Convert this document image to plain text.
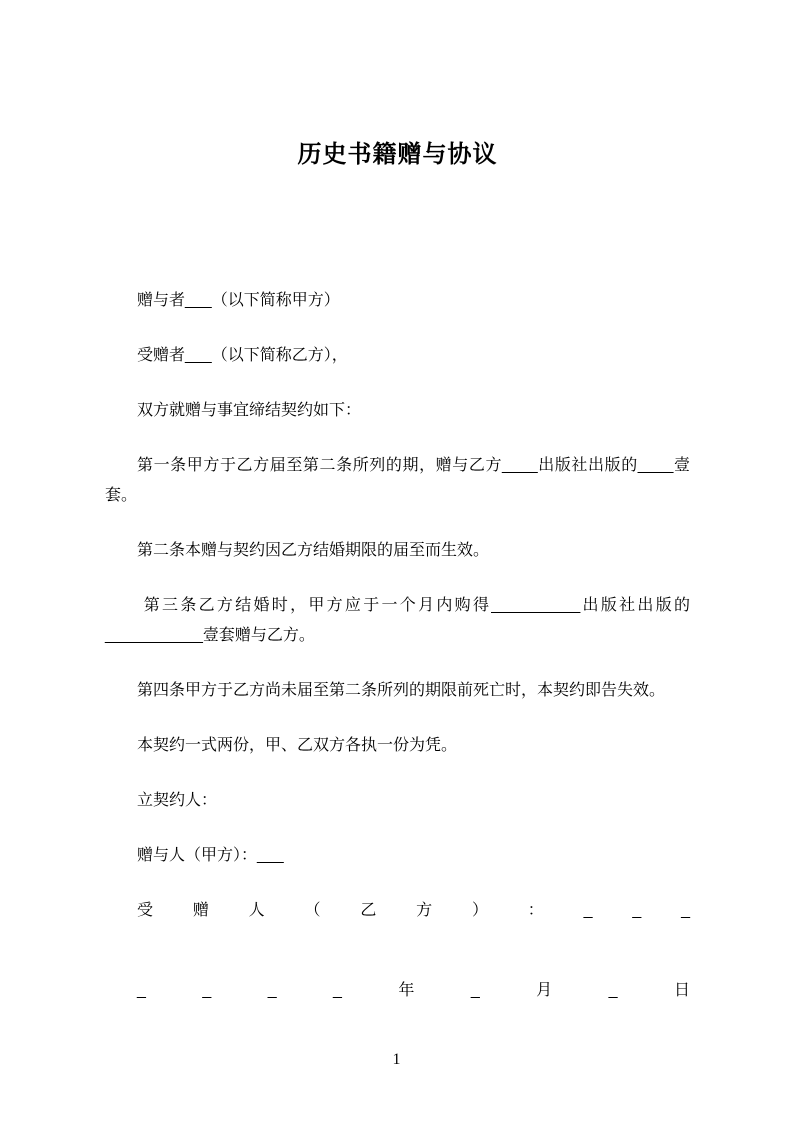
历史书籍赠与协议

赠与者___（以下简称甲方）

受赠者___（以下简称乙方），

双方就赠与事宜缔结契约如下：

第一条甲方于乙方届至第二条所列的期，赠与乙方____出版社出版的____壹套。

第二条本赠与契约因乙方结婚期限的届至而生效。

第三条乙方结婚时，甲方应于一个月内购得__________出版社出版的___________壹套赠与乙方。

第四条甲方于乙方尚未届至第二条所列的期限前死亡时，本契约即告失效。

本契约一式两份，甲、乙双方各执一份为凭。

立契约人：

赠与人（甲方）：___

受 赠 人 （ 乙 方 ） ： _ _ _
_	_	_	_	年	_	月	_	日
1
